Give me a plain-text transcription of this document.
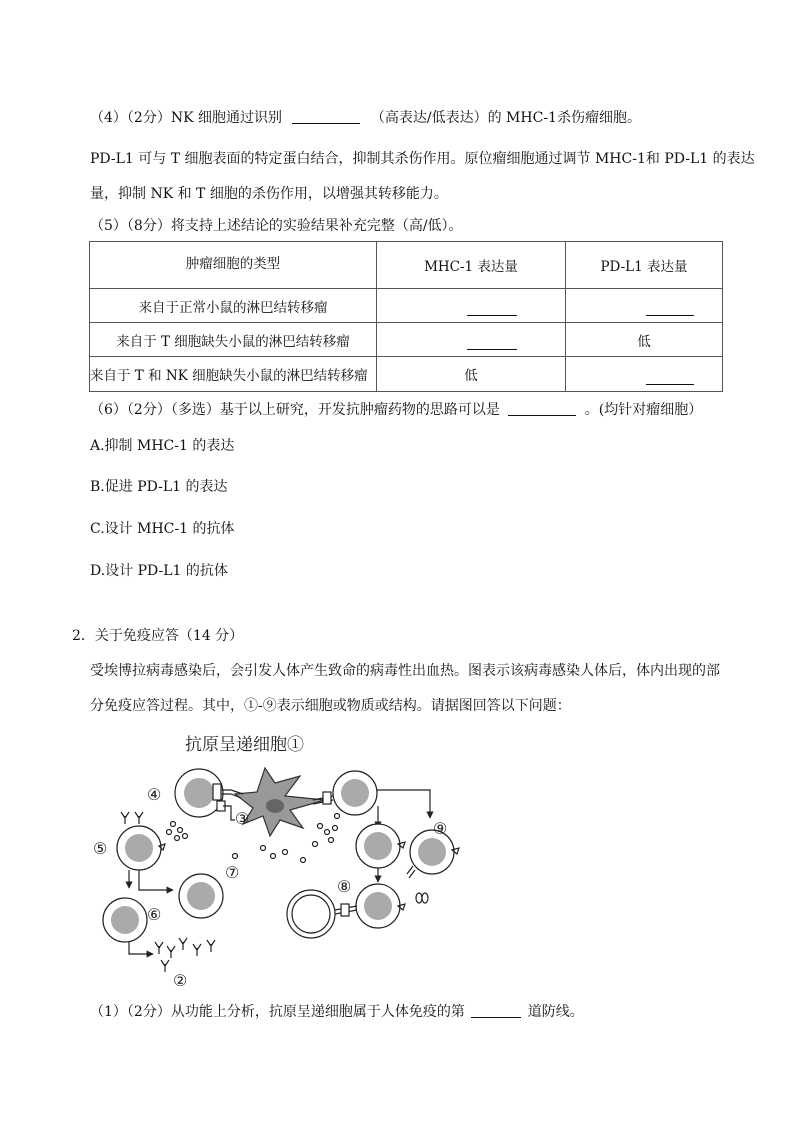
（4）（2分）NK 细胞通过识别	（高表达/低表达）的 MHC-1杀伤瘤细胞。
PD-L1 可与 T 细胞表面的特定蛋白结合，抑制其杀伤作用。原位瘤细胞通过调节 MHC-1和 PD-L1 的表达
量，抑制 NK 和 T 细胞的杀伤作用，以增强其转移能力。
（5）（8分）将支持上述结论的实验结果补充完整（高/低）。
肿瘤细胞的类型	MHC-1 表达量	PD-L1 表达量
来自于正常小鼠的淋巴结转移瘤		
来自于 T 细胞缺失小鼠的淋巴结转移瘤		低
来自于 T 和 NK 细胞缺失小鼠的淋巴结转移瘤	低	
（6）（2分）（多选）基于以上研究，开发抗肿瘤药物的思路可以是	。(均针对瘤细胞）
A.抑制 MHC-1 的表达
B.促进 PD-L1 的表达
C.设计 MHC-1 的抗体
D.设计 PD-L1 的抗体
2．关于免疫应答（14 分）
受埃博拉病毒感染后，会引发人体产生致命的病毒性出血热。图表示该病毒感染人体后，体内出现的部
分免疫应答过程。其中，①-⑨表示细胞或物质或结构。请据图回答以下问题：
抗原呈递细胞①
④
③
⑤
⑦
⑥
②
⑨
⑧
（1）（2分）从功能上分析，抗原呈递细胞属于人体免疫的第	道防线。
